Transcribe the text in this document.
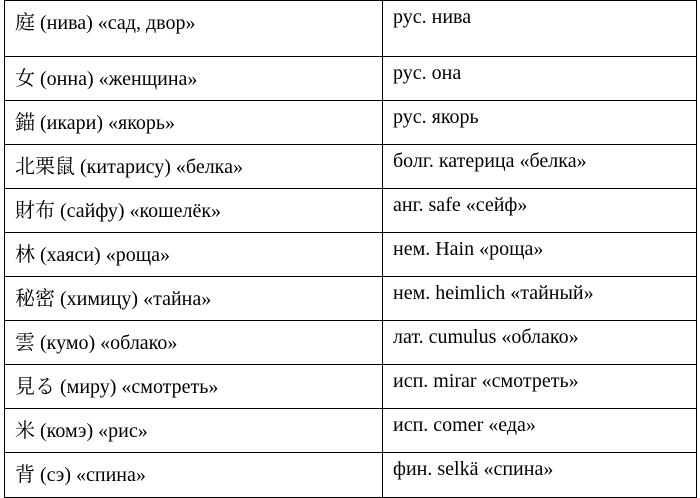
庭 (нива) «сад, двор»	рус. нива
女 (онна) «женщина»	рус. она
錨 (икари) «якорь»	рус. якорь
北栗鼠 (китарису) «белка»	болг. катерица «белка»
財布 (сайфу) «кошелёк»	анг. safe «сейф»
林 (хаяси) «роща»	нем. Hain «роща»
秘密 (химицу) «тайна»	нем. heimlich «тайный»
雲 (кумо) «облако»	лат. cumulus «облако»
見る (миру) «смотреть»	исп. mirar «смотреть»
米 (комэ) «рис»	исп. comer «еда»
背 (сэ) «спина»	фин. selkä «спина»
